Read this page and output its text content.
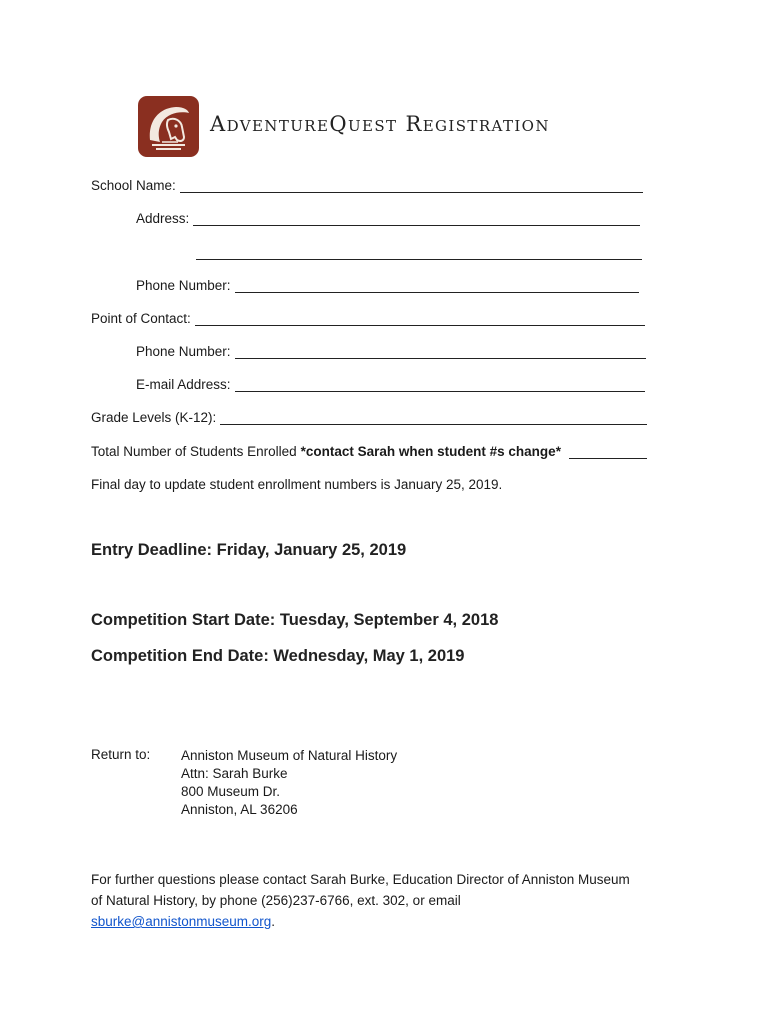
AdventureQuest Registration
School Name:
Address:
Phone Number:
Point of Contact:
Phone Number:
E-mail Address:
Grade Levels (K-12):
Total Number of Students Enrolled *contact Sarah when student #s change*
Final day to update student enrollment numbers is January 25, 2019.
Entry Deadline: Friday, January 25, 2019
Competition Start Date: Tuesday, September 4, 2018
Competition End Date: Wednesday, May 1, 2019
Return to: Anniston Museum of Natural History
Attn: Sarah Burke
800 Museum Dr.
Anniston, AL 36206
For further questions please contact Sarah Burke, Education Director of Anniston Museum
of Natural History, by phone (256)237-6766, ext. 302, or email
sburke@annistonmuseum.org.
